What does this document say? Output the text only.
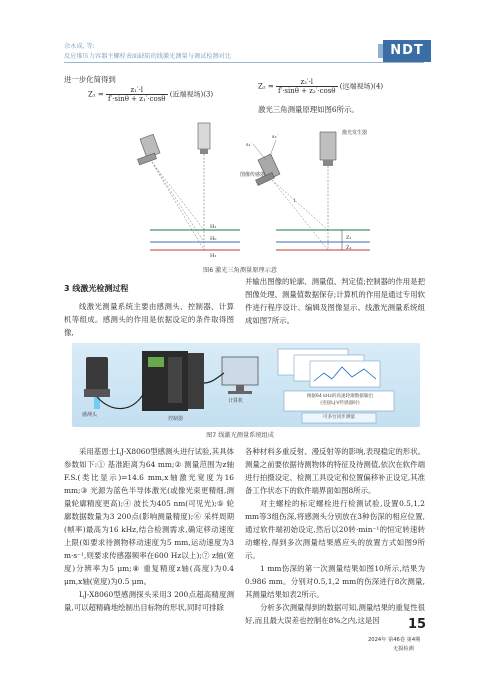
余永成, 等:
反应堆压力容器主螺栓表面缺陷的线激光测量与调试检测对比	NDT
进一步化简得到
$Z_1 = \frac{\text{z₁′·l}}{\text{f′·sinθ + z₁′·cosθ}}$ (近端视场)(3)
$Z_2 = \frac{\text{z₂′·l}}{\text{f′·sinθ + z₂′·cosθ}}$ (远端视场)(4)
激光三角测量原理如图6所示。
H₁
H₀
H₂
激光发生器
图像传感器
s₁′
s₂′
Z₁
Z₂
l
图6 激光三角测量原理示意
3 线激光检测过程
线激光测量系统主要由感测头、控制器、计算机等组成。感测头的作用是依据设定的条件取得图像,
并输出图像的轮廓、测量值、判定值;控制器的作用是把图像处理、测量值数据保存;计算机的作用是通过专用软件进行程序设计、编辑及图像显示。线激光测量系统组成如图7所示。
感测头
控制器
计算机
根据64 kHz的高速轮廓数据输出
(连接LJ-V传感器时)
可多台同步测量
图7 线激光测量系统组成

采用基恩士LJ-X8060型感测头进行试验,其具体参数如下:① 基准距离为64 mm;② 测量范围为z轴F.S.(类比显示)=14.6 mm,x轴激光宽度为16 mm;③ 光源为蓝色半导体激光(或像光束更精细,测量轮廓精度更高);④ 波长为405 nm(可见光);⑤ 轮廓数据数量为3 200点(影响测量精度);⑥ 采样周期(帧率)最高为16 kHz,结合检测需求,确定移动速度上限(如要求待测物移动速度为5 mm,运动速度为3 m·s⁻¹,则要求传感器频率在600 Hz以上);⑦ z轴(宽度)分辨率为5 μm;⑧ 重复精度z轴(高度)为0.4 μm,x轴(宽度)为0.5 μm。

LJ-X8060型感测探头采用3 200点超高精度测量,可以超精确地绘制出目标物的形状,同时可排除

各种材料多重反射、漫反射等的影响,表现稳定的形状。测量之前要依据待测物体的特征及待测值,依次在软件端进行拍摄设定、检测工具设定和位置偏移补正设定,其准备工作状态下的软件端界面如图8所示。

对主螺栓的标定螺栓进行检测试验,设置0.5,1,2 mm等3组伤深,将感测头分别放在3种伤深的相应位置,通过软件端初始设定,然后以20转·min⁻¹的恒定转速转动螺栓,得到多次测量结果感应头的放置方式如图9所示。

1 mm伤深的第一次测量结果如图10所示,结果为0.986 mm。分别对0.5,1,2 mm的伤深进行8次测量,其测量结果如表2所示。

分析多次测量得到的数据可知,测量结果的重复性很好,而且最大误差也控制在8%之内,这是因	15
2024年 第46卷 第4期
无损检测
